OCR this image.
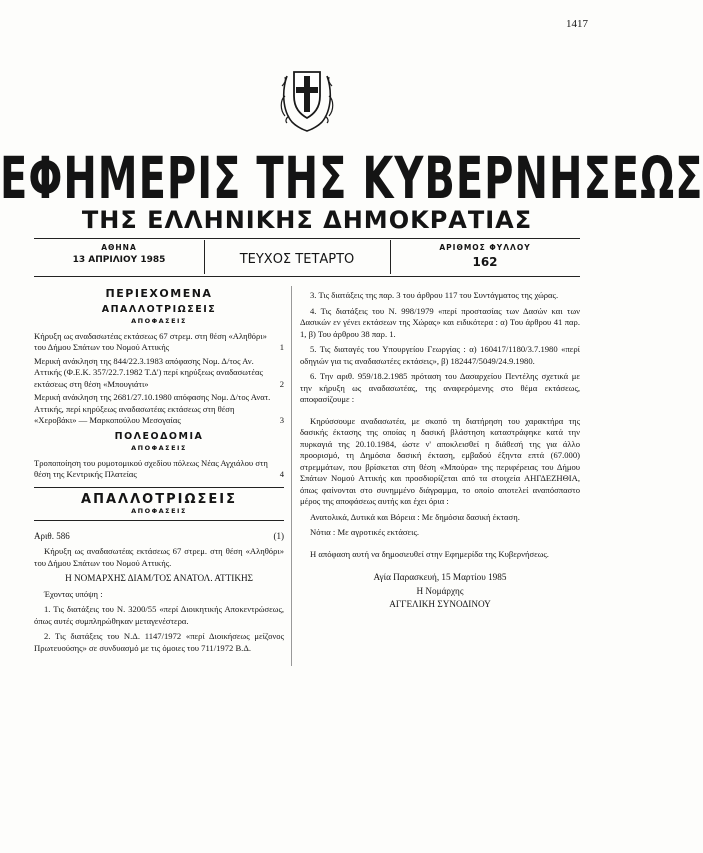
1417
ΕΦΗΜΕΡΙΣ ΤΗΣ ΚΥΒΕΡΝΗΣΕΩΣ
ΤΗΣ ΕΛΛΗΝΙΚΗΣ ΔΗΜΟΚΡΑΤΙΑΣ
ΑΘΗΝΑ
13 ΑΠΡΙΛΙΟΥ 1985	ΤΕΥΧΟΣ ΤΕΤΑΡΤΟ
ΑΡΙΘΜΟΣ ΦΥΛΛΟΥ
162

ΠΕΡΙΕΧΟΜΕΝΑ

ΑΠΑΛΛΟΤΡΙΩΣΕΙΣ

ΑΠΟΦΑΣΕΙΣ

Κήρυξη ως αναδασωτέας εκτάσεως 67 στρεμ. στη θέση «Αληθόρι» του Δήμου Σπάτων του Νομού Αττικής	1
Μερική ανάκληση της 844/22.3.1983 απόφασης Νομ. Δ/τος Αν. Αττικής (Φ.Ε.Κ. 357/22.7.1982 Τ.Δ') περί κηρύξεως αναδασωτέας εκτάσεως στη θέση «Μπουγιάτι»	2
Μερική ανάκληση της 2681/27.10.1980 απόφασης Νομ. Δ/τος Ανατ. Αττικής, περί κηρύξεως αναδασωτέας εκτάσεως στη θέση «Χεροβάκι» — Μαρκοπούλου Μεσογαίας	3

ΠΟΛΕΟΔΟΜΙΑ

ΑΠΟΦΑΣΕΙΣ

Τροποποίηση του ρυμοτομικού σχεδίου πόλεως Νέας Αγχιάλου στη θέση της Κεντρικής Πλατείας	4

ΑΠΑΛΛΟΤΡΙΩΣΕΙΣ

ΑΠΟΦΑΣΕΙΣ

Αριθ. 586	(1)

Κήρυξη ως αναδασωτέας εκτάσεως 67 στρεμ. στη θέση «Αληθόρι» του Δήμου Σπάτων του Νομού Αττικής.

Η ΝΟΜΑΡΧΗΣ ΔΙΑΜ/ΤΟΣ ΑΝΑΤΟΛ. ΑΤΤΙΚΗΣ

Έχοντας υπόψη :

1. Τις διατάξεις του Ν. 3200/55 «περί Διοικητικής Αποκεντρώσεως, όπως αυτές συμπληρώθηκαν μεταγενέστερα.

2. Τις διατάξεις του Ν.Δ. 1147/1972 «περί Διοικήσεως μείζονος Πρωτευούσης» σε συνδυασμό με τις όμοιες του 711/1972 Β.Δ.

3. Τις διατάξεις της παρ. 3 του άρθρου 117 του Συντάγματος της χώρας.

4. Τις διατάξεις του Ν. 998/1979 «περί προστασίας των Δασών και των Δασικών εν γένει εκτάσεων της Χώρας» και ειδικότερα : α) Του άρθρου 41 παρ. 1, β) Του άρθρου 38 παρ. 1.

5. Τις διαταγές του Υπουργείου Γεωργίας : α) 160417/1180/3.7.1980 «περί οδηγιών για τις αναδασωτέες εκτάσεις», β) 182447/5049/24.9.1980.

6. Την αριθ. 959/18.2.1985 πρόταση του Δασαρχείου Πεντέλης σχετικά με την κήρυξη ως αναδασωτέας, της αναφερόμενης στο θέμα εκτάσεως, αποφασίζουμε :

Κηρύσσουμε αναδασωτέα, με σκοπό τη διατήρηση του χαρακτήρα της δασικής έκτασης της οποίας η δασική βλάστηση καταστράφηκε κατά την πυρκαγιά της 20.10.1984, ώστε ν' αποκλεισθεί η διάθεσή της για άλλο προορισμό, τη Δημόσια δασική έκταση, εμβαδού έξηντα επτά (67.000) στρεμμάτων, που βρίσκεται στη θέση «Μπούρα» της περιφέρειας του Δήμου Σπάτων Νομού Αττικής και προσδιορίζεται από τα στοιχεία ΑΗΓΔΕΖΗΘΙΑ, όπως φαίνονται στο συνημμένο διάγραμμα, το οποίο αποτελεί αναπόσπαστο μέρος της αποφάσεως αυτής και έχει όρια :

Ανατολικά, Δυτικά και Βόρεια : Με δημόσια δασική έκταση.

Νότια : Με αγροτικές εκτάσεις.

Η απόφαση αυτή να δημοσιευθεί στην Εφημερίδα της Κυβερνήσεως.

Αγία Παρασκευή, 15 Μαρτίου 1985

Η Νομάρχης

ΑΓΓΕΛΙΚΗ ΣΥΝΟΔΙΝΟΥ
